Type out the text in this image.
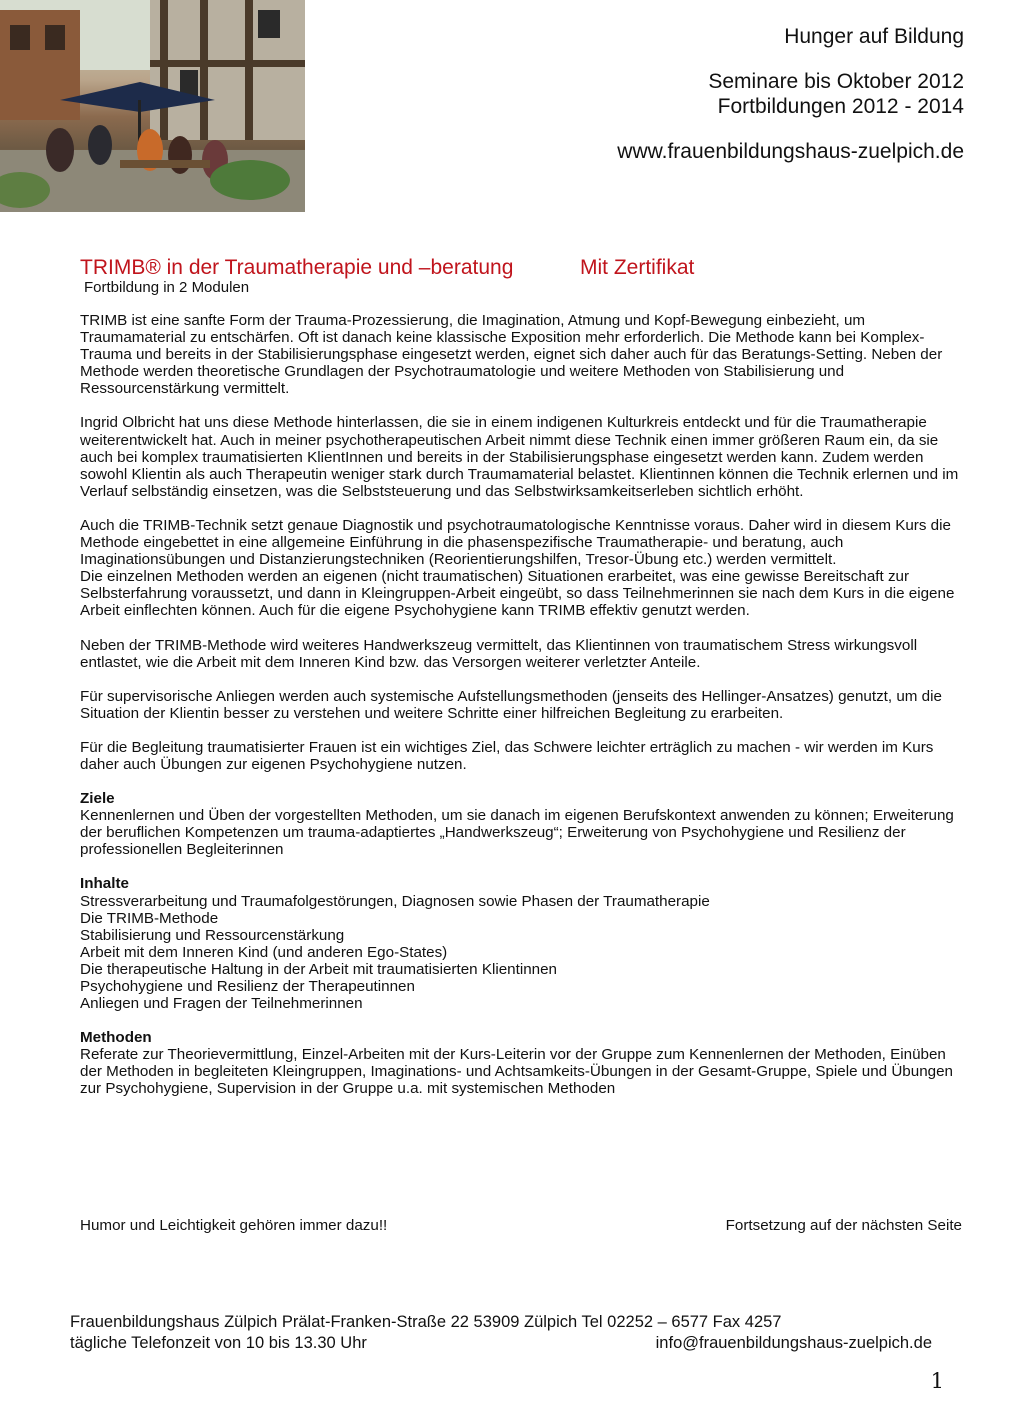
Hunger auf Bildung
Seminare bis Oktober 2012
Fortbildungen 2012 - 2014
www.frauenbildungshaus-zuelpich.de
TRIMB® in der Traumatherapie und –beratung	Mit Zertifikat
Fortbildung in 2 Modulen

TRIMB ist eine sanfte Form der Trauma-Prozessierung, die Imagination, Atmung und Kopf-Bewegung einbezieht, um Traumamaterial zu entschärfen. Oft ist danach keine klassische Exposition mehr erforderlich. Die Methode kann bei Komplex-Trauma und bereits in der Stabilisierungsphase eingesetzt werden, eignet sich daher auch für das Beratungs-Setting. Neben der Methode werden theoretische Grundlagen der Psychotraumatologie und weitere Methoden von Stabilisierung und Ressourcenstärkung vermittelt.

Ingrid Olbricht hat uns diese Methode hinterlassen, die sie in einem indigenen Kulturkreis entdeckt und für die Traumatherapie weiterentwickelt hat. Auch in meiner psychotherapeutischen Arbeit nimmt diese Technik einen immer größeren Raum ein, da sie auch bei komplex traumatisierten KlientInnen und bereits in der Stabilisierungsphase eingesetzt werden kann. Zudem werden sowohl Klientin als auch Therapeutin weniger stark durch Traumamaterial belastet. Klientinnen können die Technik erlernen und im Verlauf selbständig einsetzen, was die Selbststeuerung und das Selbstwirksamkeitserleben sichtlich erhöht.

Auch die TRIMB-Technik setzt genaue Diagnostik und psychotraumatologische Kenntnisse voraus. Daher wird in diesem Kurs die Methode eingebettet in eine allgemeine Einführung in die phasenspezifische Traumatherapie- und beratung, auch Imaginationsübungen und Distanzierungstechniken (Reorientierungshilfen, Tresor-Übung etc.) werden vermittelt.

Die einzelnen Methoden werden an eigenen (nicht traumatischen) Situationen erarbeitet, was eine gewisse Bereitschaft zur Selbsterfahrung voraussetzt, und dann in Kleingruppen-Arbeit eingeübt, so dass Teilnehmerinnen sie nach dem Kurs in die eigene Arbeit einflechten können. Auch für die eigene Psychohygiene kann TRIMB effektiv genutzt werden.

Neben der TRIMB-Methode wird weiteres Handwerkszeug vermittelt, das Klientinnen von traumatischem Stress wirkungsvoll entlastet, wie die Arbeit mit dem Inneren Kind bzw. das Versorgen weiterer verletzter Anteile.

Für supervisorische Anliegen werden auch systemische Aufstellungsmethoden (jenseits des Hellinger-Ansatzes) genutzt, um die Situation der Klientin besser zu verstehen und weitere Schritte einer hilfreichen Begleitung zu erarbeiten.

Für die Begleitung traumatisierter Frauen ist ein wichtiges Ziel, das Schwere leichter erträglich zu machen - wir werden im Kurs daher auch Übungen zur eigenen Psychohygiene nutzen.

Ziele

Kennenlernen und Üben der vorgestellten Methoden, um sie danach im eigenen Berufskontext anwenden zu können; Erweiterung der beruflichen Kompetenzen um trauma-adaptiertes „Handwerkszeug“; Erweiterung von Psychohygiene und Resilienz der professionellen Begleiterinnen

Inhalte
Stressverarbeitung und Traumafolgestörungen, Diagnosen sowie Phasen der Traumatherapie
Die TRIMB-Methode
Stabilisierung und Ressourcenstärkung
Arbeit mit dem Inneren Kind (und anderen Ego-States)
Die therapeutische Haltung in der Arbeit mit traumatisierten Klientinnen
Psychohygiene und Resilienz der Therapeutinnen
Anliegen und Fragen der Teilnehmerinnen
Methoden

Referate zur Theorievermittlung, Einzel-Arbeiten mit der Kurs-Leiterin vor der Gruppe zum Kennenlernen der Methoden, Einüben der Methoden in begleiteten Kleingruppen, Imaginations- und Achtsamkeits-Übungen in der Gesamt-Gruppe, Spiele und Übungen zur Psychohygiene, Supervision in der Gruppe u.a. mit systemischen Methoden

Humor und Leichtigkeit gehören immer dazu!!	Fortsetzung auf der nächsten Seite
Frauenbildungshaus Zülpich Prälat-Franken-Straße 22 53909 Zülpich Tel 02252 – 6577 Fax 4257
tägliche Telefonzeit von 10 bis 13.30 Uhr	info@frauenbildungshaus-zuelpich.de
1
